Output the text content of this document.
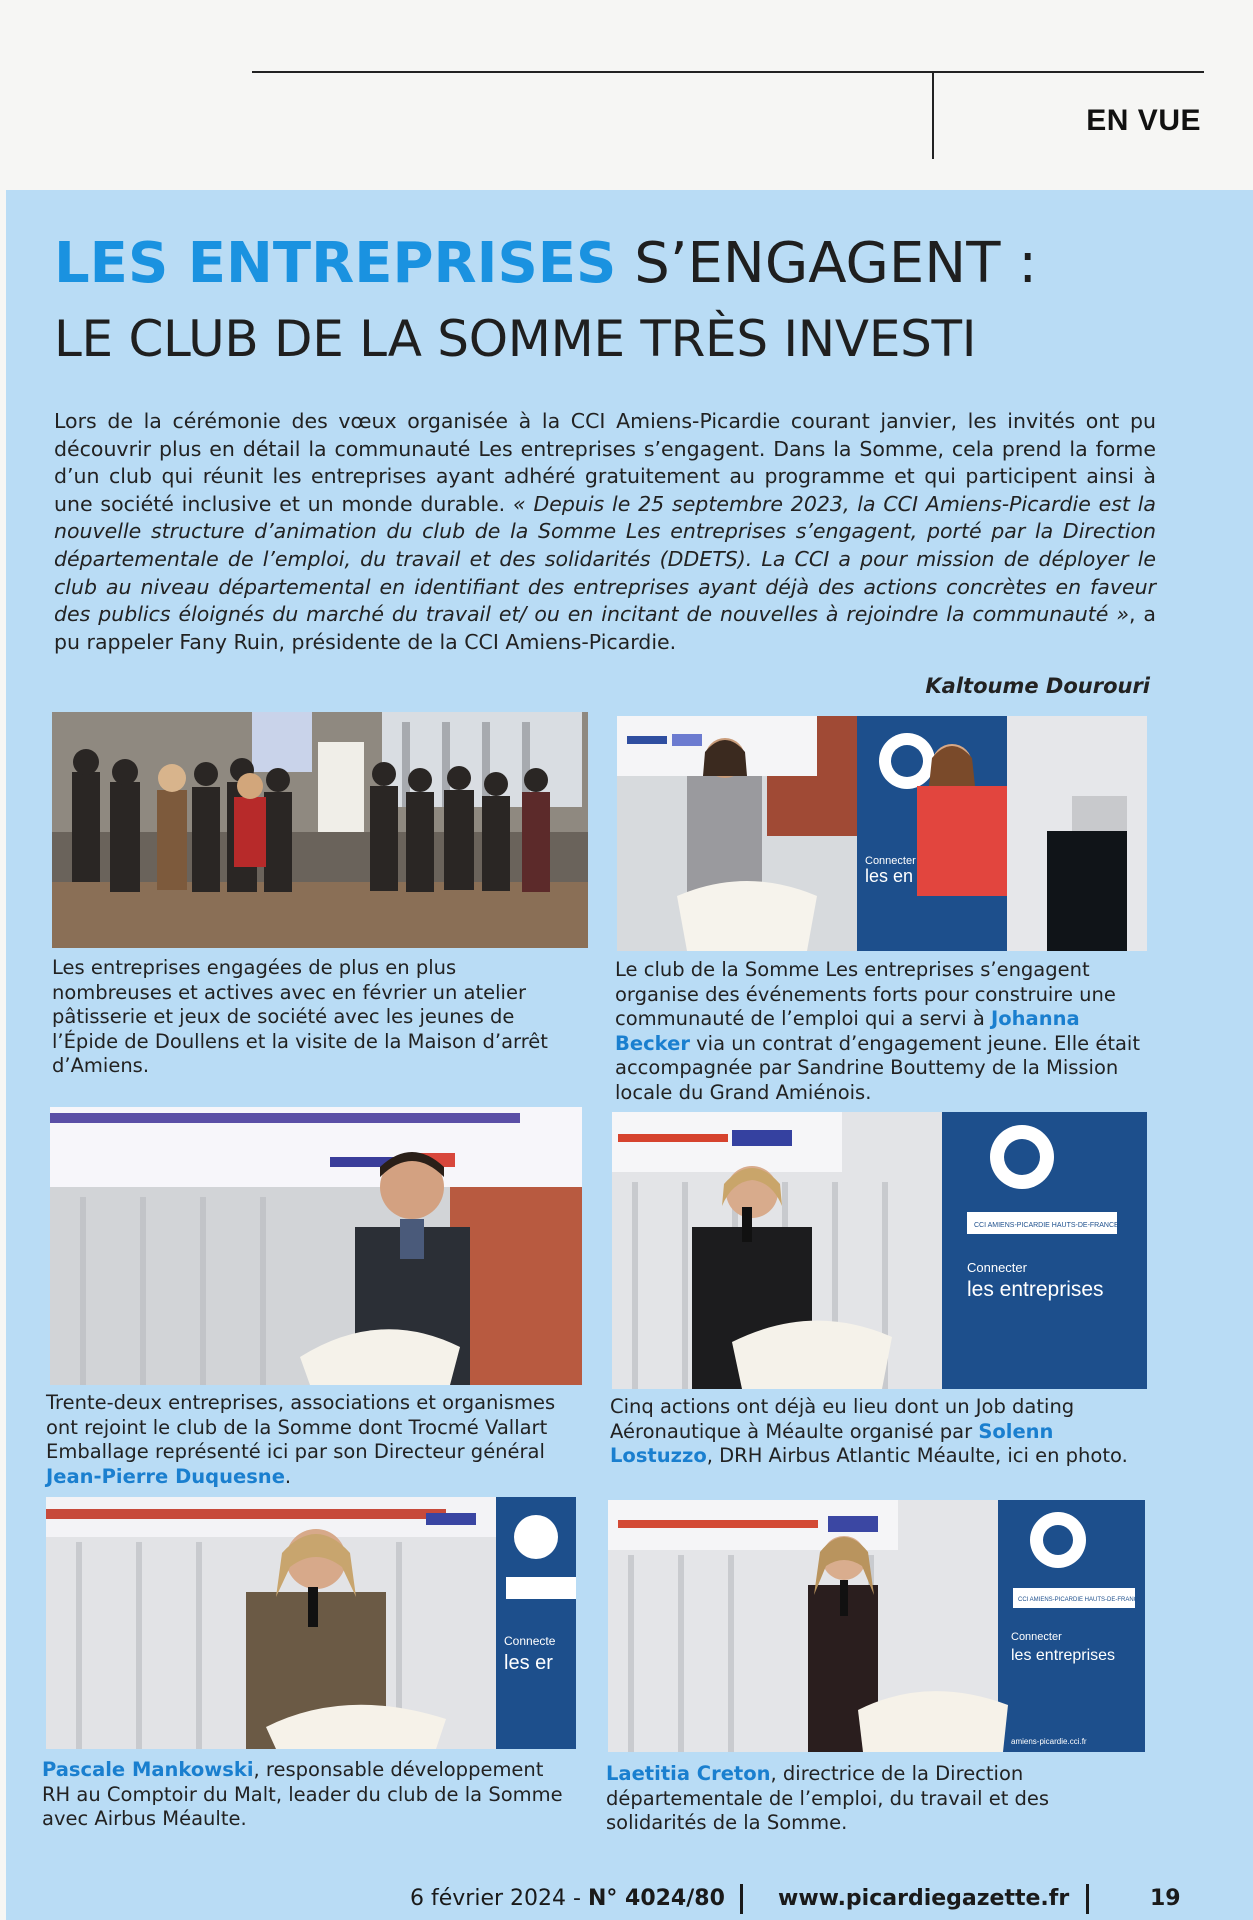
EN VUE
LES ENTREPRISES S’ENGAGENT :
LE CLUB DE LA SOMME TRÈS INVESTI

Lors de la cérémonie des vœux organisée à la CCI Amiens-Picardie courant janvier, les invités ont pu découvrir plus en détail la communauté Les entreprises s’engagent. Dans la Somme, cela prend la forme d’un club qui réunit les entreprises ayant adhéré gratuitement au programme et qui participent ainsi à une société inclusive et un monde durable. « Depuis le 25 septembre 2023, la CCI Amiens-Picardie est la nouvelle structure d’animation du club de la Somme Les entreprises s’engagent, porté par la Direction départementale de l’emploi, du travail et des solidarités (DDETS). La CCI a pour mission de déployer le club au niveau départemental en identifiant des entreprises ayant déjà des actions concrètes en faveur des publics éloignés du marché du travail et/ ou en incitant de nouvelles à rejoindre la communauté », a pu rappeler Fany Ruin, présidente de la CCI Amiens-Picardie.

Kaltoume Dourouri
Connecter
les en
CCI AMIENS-PICARDIE HAUTS-DE-FRANCE
Connecter
les entreprises
Connecte
les er
CCI AMIENS-PICARDIE HAUTS-DE-FRANCE
Connecter
les entreprises
amiens-picardie.cci.fr

Les entreprises engagées de plus en plus nombreuses et actives avec en février un atelier pâtisserie et jeux de société avec les jeunes de l’Épide de Doullens et la visite de la Maison d’arrêt d’Amiens.

Le club de la Somme Les entreprises s’engagent organise des événements forts pour construire une communauté de l’emploi qui a servi à Johanna Becker via un contrat d’engagement jeune. Elle était accompagnée par Sandrine Bouttemy de la Mission locale du Grand Amiénois.

Trente-deux entreprises, associations et organismes ont rejoint le club de la Somme dont Trocmé Vallart Emballage représenté ici par son Directeur général Jean-Pierre Duquesne.

Cinq actions ont déjà eu lieu dont un Job dating Aéronautique à Méaulte organisé par Solenn Lostuzzo, DRH Airbus Atlantic Méaulte, ici en photo.

Pascale Mankowski, responsable développement RH au Comptoir du Malt, leader du club de la Somme avec Airbus Méaulte.

Laetitia Creton, directrice de la Direction départementale de l’emploi, du travail et des solidarités de la Somme.

6 février 2024 - N° 4024/80 www.picardiegazette.fr	19
